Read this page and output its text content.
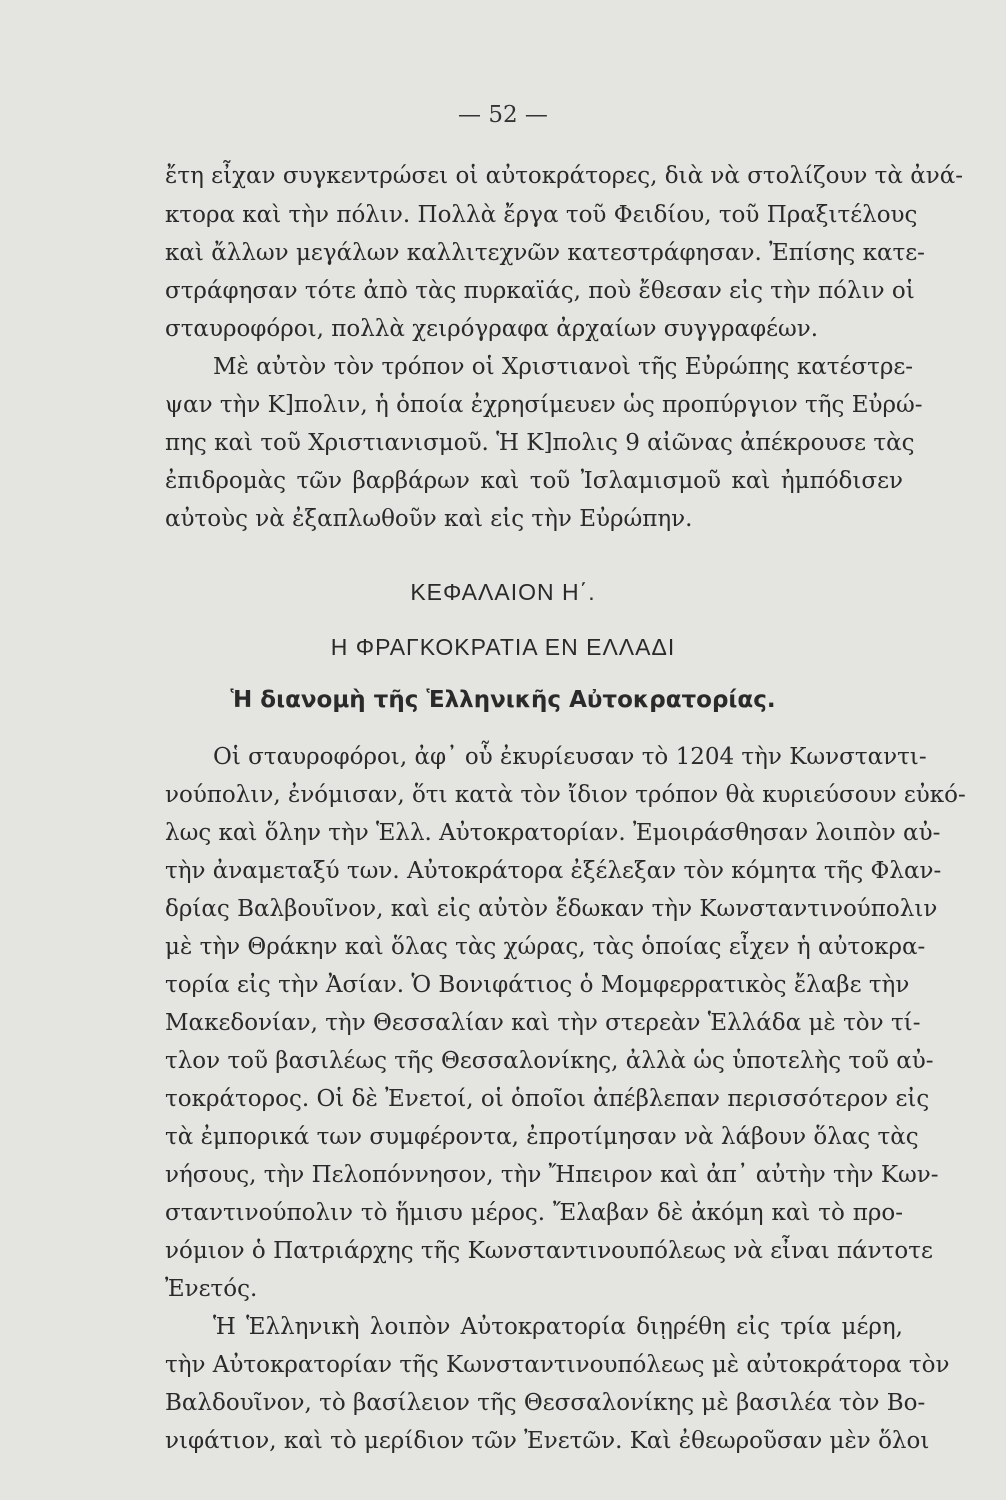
— 52 —
ἔτη εἶχαν συγκεντρώσει οἱ αὐτοκράτορες, διὰ νὰ στολίζουν τὰ ἀνά-
κτορα καὶ τὴν πόλιν. Πολλὰ ἔργα τοῦ Φειδίου, τοῦ Πραξιτέλους
καὶ ἄλλων μεγάλων καλλιτεχνῶν κατεστράφησαν. Ἐπίσης κατε-
στράφησαν τότε ἀπὸ τὰς πυρκαϊάς, ποὺ ἔθεσαν εἰς τὴν πόλιν οἱ
σταυροφόροι, πολλὰ χειρόγραφα ἀρχαίων συγγραφέων.
Μὲ αὐτὸν τὸν τρόπον οἱ Χριστιανοὶ τῆς Εὐρώπης κατέστρε-
ψαν τὴν Κ]πολιν, ἡ ὁποία ἐχρησίμευεν ὡς προπύργιον τῆς Εὐρώ-
πης καὶ τοῦ Χριστιανισμοῦ. Ἡ Κ]πολις 9 αἰῶνας ἀπέκρουσε τὰς
ἐπιδρομὰς τῶν βαρβάρων καὶ τοῦ Ἰσλαμισμοῦ καὶ ἠμπόδισεν
αὐτοὺς νὰ ἐξαπλωθοῦν καὶ εἰς τὴν Εὐρώπην.
ΚΕΦΑΛΑΙΟΝ Η΄.
Η ΦΡΑΓΚΟΚΡΑΤΙΑ ΕΝ ΕΛΛΑΔΙ
Ἡ διανομὴ τῆς Ἑλληνικῆς Αὐτοκρατορίας.
Οἱ σταυροφόροι, ἀφ᾽ οὗ ἐκυρίευσαν τὸ 1204 τὴν Κωνσταντι-
νούπολιν, ἐνόμισαν, ὅτι κατὰ τὸν ἴδιον τρόπον θὰ κυριεύσουν εὐκό-
λως καὶ ὅλην τὴν Ἑλλ. Αὐτοκρατορίαν. Ἐμοιράσθησαν λοιπὸν αὐ-
τὴν ἀναμεταξύ των. Αὐτοκράτορα ἐξέλεξαν τὸν κόμητα τῆς Φλαν-
δρίας Βαλβουῖνον, καὶ εἰς αὐτὸν ἔδωκαν τὴν Κωνσταντινούπολιν
μὲ τὴν Θράκην καὶ ὅλας τὰς χώρας, τὰς ὁποίας εἶχεν ἡ αὐτοκρα-
τορία εἰς τὴν Ἀσίαν. Ὁ Βονιφάτιος ὁ Μομφερρατικὸς ἔλαβε τὴν
Μακεδονίαν, τὴν Θεσσαλίαν καὶ τὴν στερεὰν Ἑλλάδα μὲ τὸν τί-
τλον τοῦ βασιλέως τῆς Θεσσαλονίκης, ἀλλὰ ὡς ὑποτελὴς τοῦ αὐ-
τοκράτορος. Οἱ δὲ Ἐνετοί, οἱ ὁποῖοι ἀπέβλεπαν περισσότερον εἰς
τὰ ἐμπορικά των συμφέροντα, ἐπροτίμησαν νὰ λάβουν ὅλας τὰς
νήσους, τὴν Πελοπόννησον, τὴν Ἤπειρον καὶ ἀπ᾽ αὐτὴν τὴν Κων-
σταντινούπολιν τὸ ἥμισυ μέρος. Ἔλαβαν δὲ ἀκόμη καὶ τὸ προ-
νόμιον ὁ Πατριάρχης τῆς Κωνσταντινουπόλεως νὰ εἶναι πάντοτε
Ἐνετός.
Ἡ Ἑλληνικὴ λοιπὸν Αὐτοκρατορία διῃρέθη εἰς τρία μέρη,
τὴν Αὐτοκρατορίαν τῆς Κωνσταντινουπόλεως μὲ αὐτοκράτορα τὸν
Βαλδουῖνον, τὸ βασίλειον τῆς Θεσσαλονίκης μὲ βασιλέα τὸν Βο-
νιφάτιον, καὶ τὸ μερίδιον τῶν Ἐνετῶν. Καὶ ἐθεωροῦσαν μὲν ὅλοι
